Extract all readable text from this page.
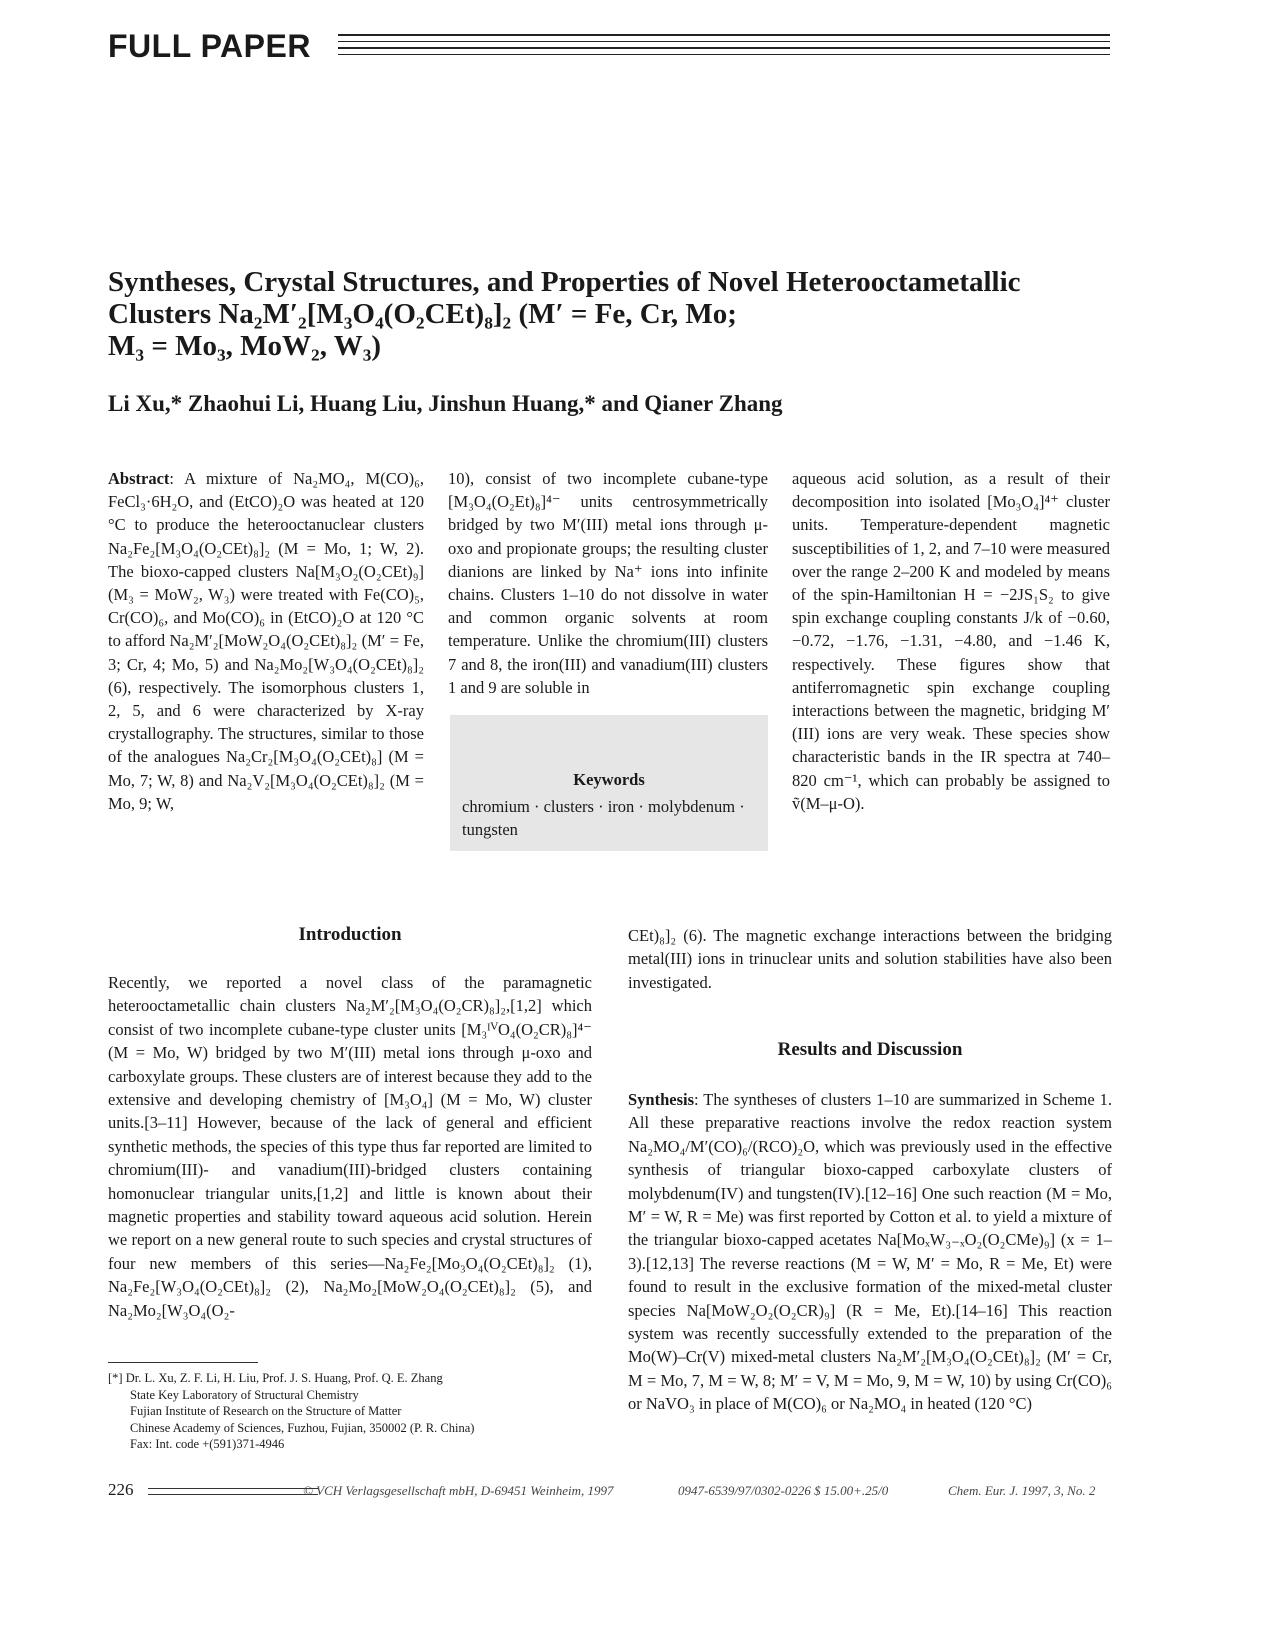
FULL PAPER
Syntheses, Crystal Structures, and Properties of Novel Heterooctametallic
Clusters Na₂M′₂[M₃O₄(O₂CEt)₈]₂ (M′ = Fe, Cr, Mo;
M₃ = Mo₃, MoW₂, W₃)
Li Xu,* Zhaohui Li, Huang Liu, Jinshun Huang,* and Qianer Zhang

Abstract: A mixture of Na₂MO₄, M(CO)₆, FeCl₃·6H₂O, and (EtCO)₂O was heated at 120 °C to produce the heterooctanuclear clusters Na₂Fe₂[M₃O₄(O₂CEt)₈]₂ (M = Mo, 1; W, 2). The bioxo-capped clusters Na[M₃O₂(O₂CEt)₉] (M₃ = MoW₂, W₃) were treated with Fe(CO)₅, Cr(CO)₆, and Mo(CO)₆ in (EtCO)₂O at 120 °C to afford Na₂M′₂[MoW₂O₄(O₂CEt)₈]₂ (M′ = Fe, 3; Cr, 4; Mo, 5) and Na₂Mo₂[W₃O₄(O₂CEt)₈]₂ (6), respectively. The isomorphous clusters 1, 2, 5, and 6 were characterized by X-ray crystallography. The structures, similar to those of the analogues Na₂Cr₂[M₃O₄(O₂CEt)₈] (M = Mo, 7; W, 8) and Na₂V₂[M₃O₄(O₂CEt)₈]₂ (M = Mo, 9; W,

10), consist of two incomplete cubane-type [M₃O₄(O₂Et)₈]⁴⁻ units centrosymmetrically bridged by two M′(III) metal ions through μ-oxo and propionate groups; the resulting cluster dianions are linked by Na⁺ ions into infinite chains. Clusters 1–10 do not dissolve in water and common organic solvents at room temperature. Unlike the chromium(III) clusters 7 and 8, the iron(III) and vanadium(III) clusters 1 and 9 are soluble in

aqueous acid solution, as a result of their decomposition into isolated [Mo₃O₄]⁴⁺ cluster units. Temperature-dependent magnetic susceptibilities of 1, 2, and 7–10 were measured over the range 2–200 K and modeled by means of the spin-Hamiltonian H = −2JS₁S₂ to give spin exchange coupling constants J/k of −0.60, −0.72, −1.76, −1.31, −4.80, and −1.46 K, respectively. These figures show that antiferromagnetic spin exchange coupling interactions between the magnetic, bridging M′(III) ions are very weak. These species show characteristic bands in the IR spectra at 740–820 cm⁻¹, which can probably be assigned to ṽ(M–μ-O).

Keywords
chromium · clusters · iron · molybdenum · tungsten
Introduction
Recently, we reported a novel class of the paramagnetic heterooctametallic chain clusters Na₂M′₂[M₃O₄(O₂CR)₈]₂,[1,2] which consist of two incomplete cubane-type cluster units [M₃ᴵⱽO₄(O₂CR)₈]⁴⁻ (M = Mo, W) bridged by two M′(III) metal ions through μ-oxo and carboxylate groups. These clusters are of interest because they add to the extensive and developing chemistry of [M₃O₄] (M = Mo, W) cluster units.[3–11] However, because of the lack of general and efficient synthetic methods, the species of this type thus far reported are limited to chromium(III)- and vanadium(III)-bridged clusters containing homonuclear triangular units,[1,2] and little is known about their magnetic properties and stability toward aqueous acid solution. Herein we report on a new general route to such species and crystal structures of four new members of this series—Na₂Fe₂[Mo₃O₄(O₂CEt)₈]₂ (1), Na₂Fe₂[W₃O₄(O₂CEt)₈]₂ (2), Na₂Mo₂[MoW₂O₄(O₂CEt)₈]₂ (5), and Na₂Mo₂[W₃O₄(O₂-
CEt)₈]₂ (6). The magnetic exchange interactions between the bridging metal(III) ions in trinuclear units and solution stabilities have also been investigated.
Results and Discussion
Synthesis: The syntheses of clusters 1–10 are summarized in Scheme 1. All these preparative reactions involve the redox reaction system Na₂MO₄/M′(CO)₆/(RCO)₂O, which was previously used in the effective synthesis of triangular bioxo-capped carboxylate clusters of molybdenum(IV) and tungsten(IV).[12–16] One such reaction (M = Mo, M′ = W, R = Me) was first reported by Cotton et al. to yield a mixture of the triangular bioxo-capped acetates Na[MoₓW₃₋ₓO₂(O₂CMe)₉] (x = 1–3).[12,13] The reverse reactions (M = W, M′ = Mo, R = Me, Et) were found to result in the exclusive formation of the mixed-metal cluster species Na[MoW₂O₂(O₂CR)₉] (R = Me, Et).[14–16] This reaction system was recently successfully extended to the preparation of the Mo(W)–Cr(V) mixed-metal clusters Na₂M′₂[M₃O₄(O₂CEt)₈]₂ (M′ = Cr, M = Mo, 7, M = W, 8; M′ = V, M = Mo, 9, M = W, 10) by using Cr(CO)₆ or NaVO₃ in place of M(CO)₆ or Na₂MO₄ in heated (120 °C)
[*] Dr. L. Xu, Z. F. Li, H. Liu, Prof. J. S. Huang, Prof. Q. E. Zhang
State Key Laboratory of Structural Chemistry
Fujian Institute of Research on the Structure of Matter
Chinese Academy of Sciences, Fuzhou, Fujian, 350002 (P. R. China)
Fax: Int. code +(591)371-4946
226	© VCH Verlagsgesellschaft mbH, D-69451 Weinheim, 1997	0947-6539/97/0302-0226 $ 15.00+.25/0	Chem. Eur. J. 1997, 3, No. 2
